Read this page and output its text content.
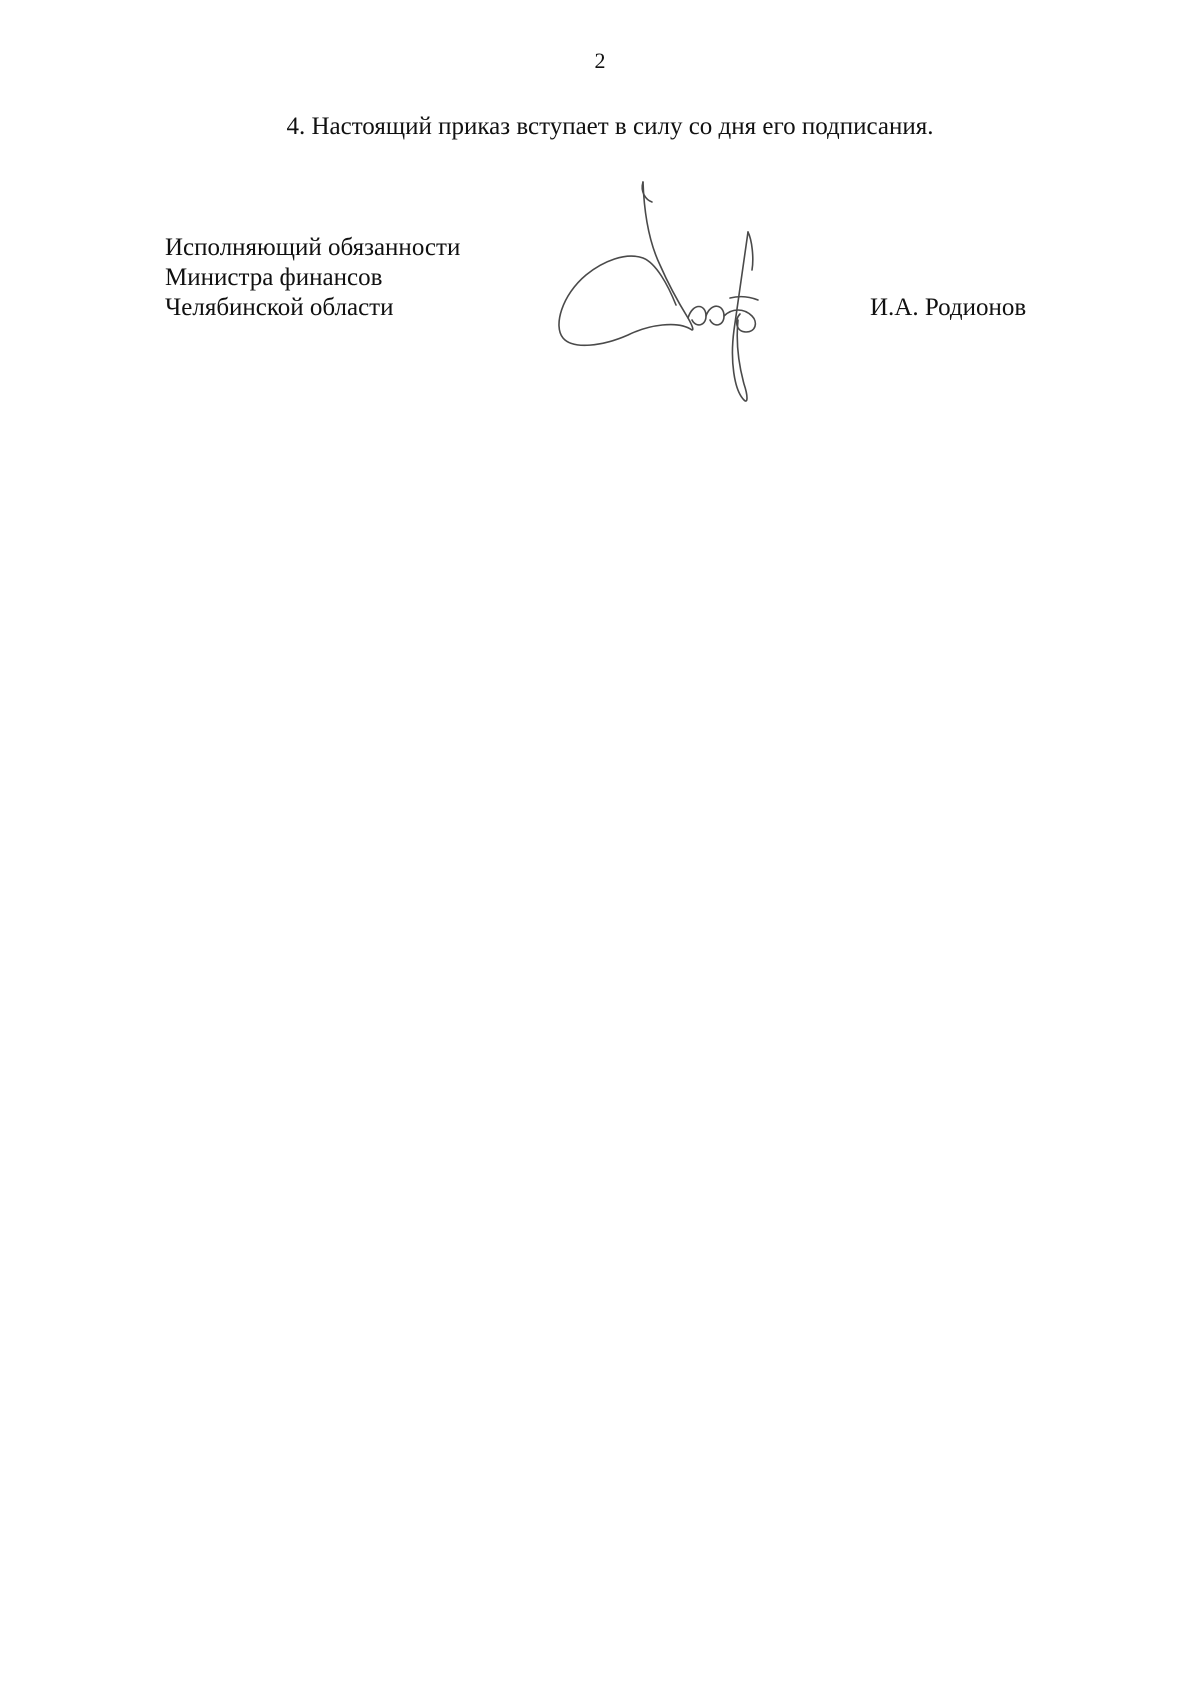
2
4. Настоящий приказ вступает в силу со дня его подписания.
Исполняющий обязанности
Министра финансов
Челябинской области	И.А. Родионов
